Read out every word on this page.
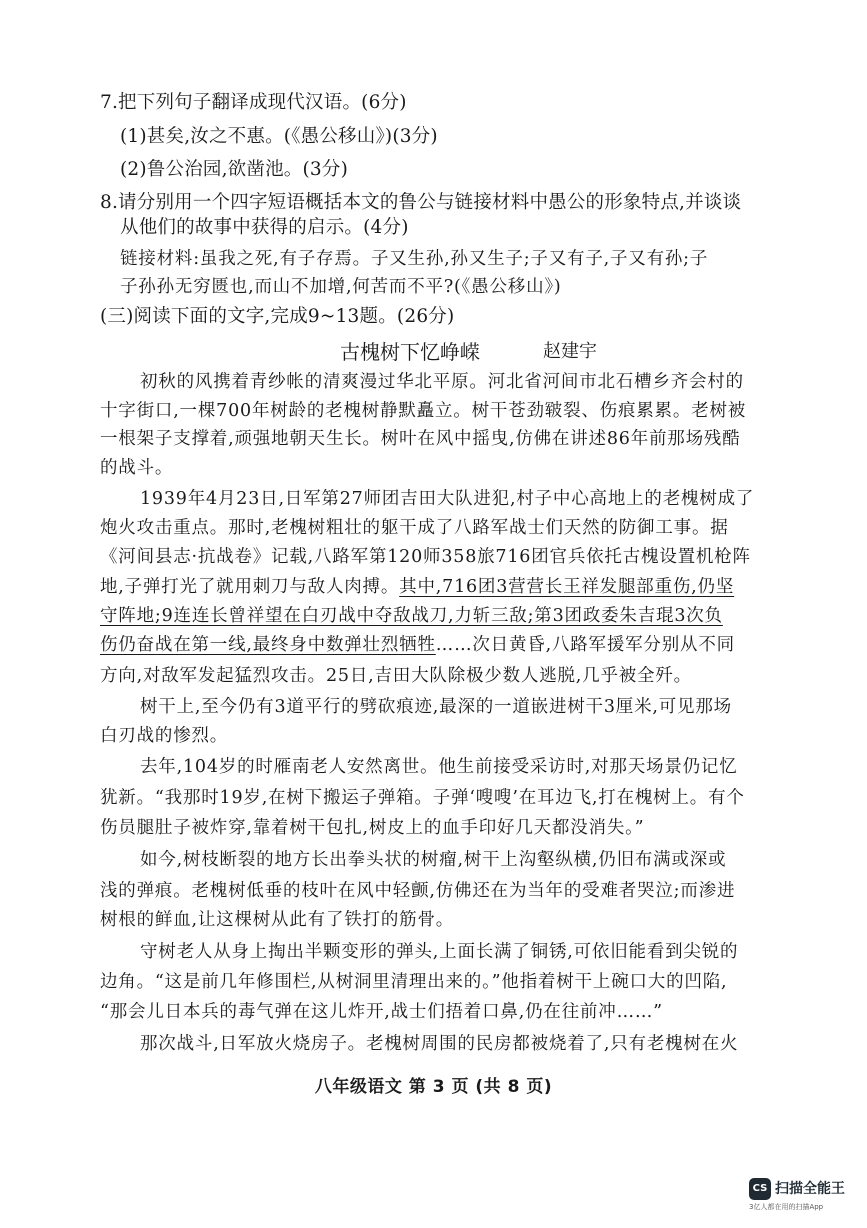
7.把下列句子翻译成现代汉语。(6分)
(1)甚矣,汝之不惠。(《愚公移山》)(3分)
(2)鲁公治园,欲凿池。(3分)
8.请分别用一个四字短语概括本文的鲁公与链接材料中愚公的形象特点,并谈谈
从他们的故事中获得的启示。(4分)
链接材料:虽我之死,有子存焉。子又生孙,孙又生子;子又有子,子又有孙;子
子孙孙无穷匮也,而山不加增,何苦而不平?(《愚公移山》)
(三)阅读下面的文字,完成9~13题。(26分)
古槐树下忆峥嵘	赵建宇
初秋的风携着青纱帐的清爽漫过华北平原。河北省河间市北石槽乡齐会村的
十字街口,一棵700年树龄的老槐树静默矗立。树干苍劲皲裂、伤痕累累。老树被
一根架子支撑着,顽强地朝天生长。树叶在风中摇曳,仿佛在讲述86年前那场残酷
的战斗。
1939年4月23日,日军第27师团吉田大队进犯,村子中心高地上的老槐树成了
炮火攻击重点。那时,老槐树粗壮的躯干成了八路军战士们天然的防御工事。据
《河间县志·抗战卷》记载,八路军第120师358旅716团官兵依托古槐设置机枪阵
地,子弹打光了就用刺刀与敌人肉搏。其中,716团3营营长王祥发腿部重伤,仍坚
守阵地;9连连长曾祥望在白刃战中夺敌战刀,力斩三敌;第3团政委朱吉琨3次负
伤仍奋战在第一线,最终身中数弹壮烈牺牲……次日黄昏,八路军援军分别从不同
方向,对敌军发起猛烈攻击。25日,吉田大队除极少数人逃脱,几乎被全歼。
树干上,至今仍有3道平行的劈砍痕迹,最深的一道嵌进树干3厘米,可见那场
白刃战的惨烈。
去年,104岁的时雁南老人安然离世。他生前接受采访时,对那天场景仍记忆
犹新。“我那时19岁,在树下搬运子弹箱。子弹‘嗖嗖’在耳边飞,打在槐树上。有个
伤员腿肚子被炸穿,靠着树干包扎,树皮上的血手印好几天都没消失。”
如今,树枝断裂的地方长出拳头状的树瘤,树干上沟壑纵横,仍旧布满或深或
浅的弹痕。老槐树低垂的枝叶在风中轻颤,仿佛还在为当年的受难者哭泣;而渗进
树根的鲜血,让这棵树从此有了铁打的筋骨。
守树老人从身上掏出半颗变形的弹头,上面长满了铜锈,可依旧能看到尖锐的
边角。“这是前几年修围栏,从树洞里清理出来的。”他指着树干上碗口大的凹陷,
“那会儿日本兵的毒气弹在这儿炸开,战士们捂着口鼻,仍在往前冲……”
那次战斗,日军放火烧房子。老槐树周围的民房都被烧着了,只有老槐树在火
八年级语文 第 3 页 (共 8 页)
CS 扫描全能王
3亿人都在用的扫描App
